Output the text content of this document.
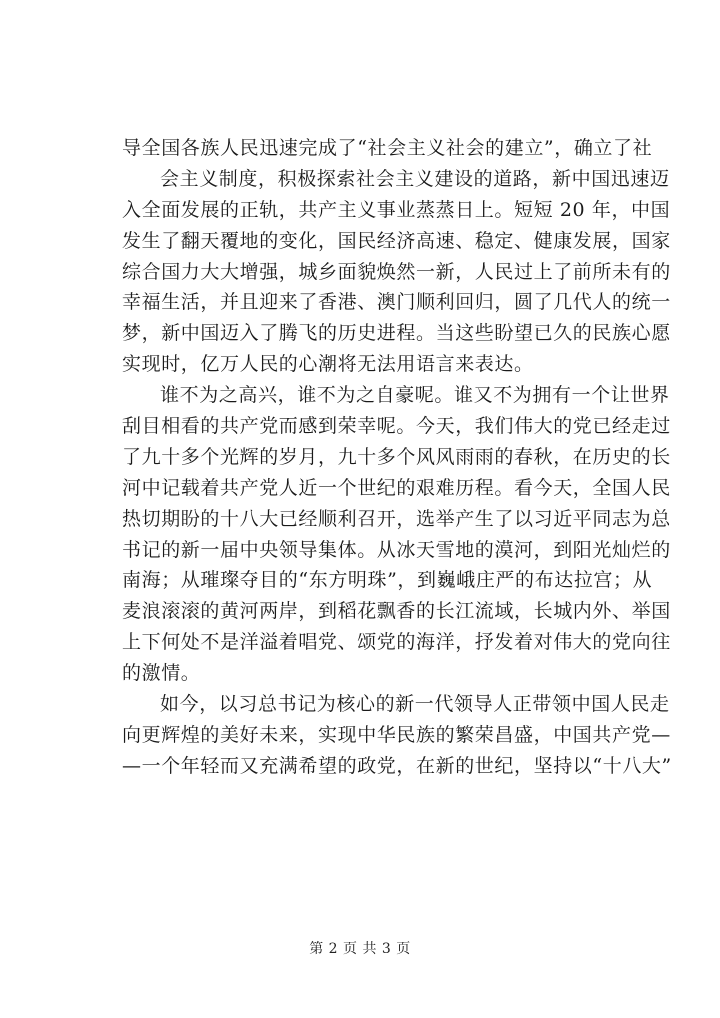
导全国各族人民迅速完成了“社会主义社会的建立”，确立了社
会主义制度，积极探索社会主义建设的道路，新中国迅速迈
入全面发展的正轨，共产主义事业蒸蒸日上。短短 20 年，中国
发生了翻天覆地的变化，国民经济高速、稳定、健康发展，国家
综合国力大大增强，城乡面貌焕然一新，人民过上了前所未有的
幸福生活，并且迎来了香港、澳门顺利回归，圆了几代人的统一
梦，新中国迈入了腾飞的历史进程。当这些盼望已久的民族心愿
实现时，亿万人民的心潮将无法用语言来表达。
谁不为之高兴，谁不为之自豪呢。谁又不为拥有一个让世界
刮目相看的共产党而感到荣幸呢。今天，我们伟大的党已经走过
了九十多个光辉的岁月，九十多个风风雨雨的春秋，在历史的长
河中记载着共产党人近一个世纪的艰难历程。看今天，全国人民
热切期盼的十八大已经顺利召开，选举产生了以习近平同志为总
书记的新一届中央领导集体。从冰天雪地的漠河，到阳光灿烂的
南海；从璀璨夺目的“东方明珠”，到巍峨庄严的布达拉宫；从
麦浪滚滚的黄河两岸，到稻花飘香的长江流域，长城内外、举国
上下何处不是洋溢着唱党、颂党的海洋，抒发着对伟大的党向往
的激情。
如今，以习总书记为核心的新一代领导人正带领中国人民走
向更辉煌的美好未来，实现中华民族的繁荣昌盛，中国共产党—
—一个年轻而又充满希望的政党，在新的世纪，坚持以“十八大”
第 2 页 共 3 页
